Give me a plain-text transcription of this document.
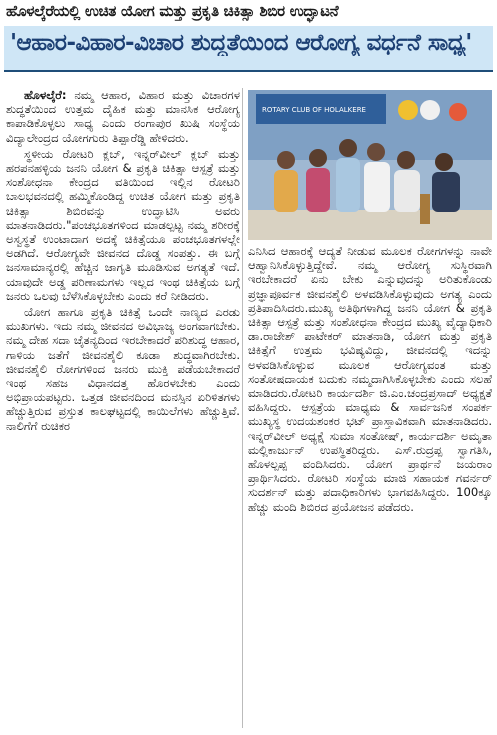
ಹೊಳಲ್ಕೆರೆಯಲ್ಲಿ ಉಚಿತ ಯೋಗ ಮತ್ತು ಪ್ರಕೃತಿ ಚಿಕಿತ್ಸಾ ಶಿಬಿರ ಉದ್ಘಾಟನೆ
'ಆಹಾರ-ವಿಹಾರ-ವಿಚಾರ ಶುದ್ಧತೆಯಿಂದ ಆರೋಗ್ಯ ವರ್ಧನೆ ಸಾಧ್ಯ'

ಹೊಳಲ್ಕೆರೆ: ನಮ್ಮ ಆಹಾರ, ವಿಹಾರ ಮತ್ತು ವಿಚಾರಗಳ ಶುದ್ಧತೆಯಿಂದ ಉತ್ತಮ ದೈಹಿಕ ಮತ್ತು ಮಾನಸಿಕ ಆರೋಗ್ಯ ಕಾಪಾಡಿಕೊಳ್ಳಲು ಸಾಧ್ಯ ಎಂದು ರಂಗಾಪುರ ಖುಷಿ ಸಂಸ್ಥೆಯ ವಿದ್ಯಾಲೇಂದ್ರದ ಯೋಗಗುರು ತಿಪ್ಪಾರೆಡ್ಡಿ ಹೇಳಿದರು.

ಸ್ಥಳೀಯ ರೋಟರಿ ಕ್ಲಬ್, ಇನ್ನರ್‌ವೀಲ್ ಕ್ಲಬ್ ಮತ್ತು ಹರಪನಹಳ್ಳಿಯ ಜನನಿ ಯೋಗ & ಪ್ರಕೃತಿ ಚಿಕಿತ್ಸಾ ಆಸ್ಪತ್ರೆ ಮತ್ತು ಸಂಶೋಧನಾ ಕೇಂದ್ರದ ವತಿಯಿಂದ ಇಲ್ಲಿನ ರೋಟರಿ ಬಾಲಭವನದಲ್ಲಿ ಹಮ್ಮಿಕೊಂಡಿದ್ದ ಉಚಿತ ಯೋಗ ಮತ್ತು ಪ್ರಕೃತಿ ಚಿಕಿತ್ಸಾ ಶಿಬಿರವನ್ನು ಉದ್ಘಾಟಿಸಿ ಅವರು ಮಾತನಾಡಿದರು."ಪಂಚಭೂತಗಳಿಂದ ಮಾಡಲ್ಪಟ್ಟ ನಮ್ಮ ಶರೀರಕ್ಕೆ ಅಸ್ವಸ್ಥತೆ ಉಂಟಾದಾಗ ಅದಕ್ಕೆ ಚಿಕಿತ್ಸೆಯೂ ಪಂಚಭೂತಗಳಲ್ಲೇ ಅಡಗಿದೆ. ಆರೋಗ್ಯವೇ ಜೀವನದ ದೊಡ್ಡ ಸಂಪತ್ತು. ಈ ಬಗ್ಗೆ ಜನಸಾಮಾನ್ಯರಲ್ಲಿ ಹೆಚ್ಚಿನ ಜಾಗೃತಿ ಮೂಡಿಸುವ ಅಗತ್ಯತೆ ಇದೆ. ಯಾವುದೇ ಅಡ್ಡ ಪರಿಣಾಮಗಳು ಇಲ್ಲದ ಇಂಥ ಚಿಕಿತ್ಸೆಯ ಬಗ್ಗೆ ಜನರು ಒಲವು ಬೆಳೆಸಿಕೊಳ್ಳಬೇಕು ಎಂದು ಕರೆ ನೀಡಿದರು.

ಯೋಗ ಹಾಗೂ ಪ್ರಕೃತಿ ಚಿಕಿತ್ಸೆ ಒಂದೇ ನಾಣ್ಯದ ಎರಡು ಮುಖಗಳು. ಇದು ನಮ್ಮ ಜೀವನದ ಅವಿಭಾಜ್ಯ ಅಂಗವಾಗಬೇಕು. ನಮ್ಮ ದೇಹ ಸದಾ ಚೈತನ್ಯದಿಂದ ಇರಬೇಕಾದರೆ ಪರಿಶುದ್ಧ ಆಹಾರ, ಗಾಳಿಯ ಜತೆಗೆ ಜೀವನಶೈಲಿ ಕೂಡಾ ಶುದ್ಧವಾಗಿರಬೇಕು. ಜೀವನಶೈಲಿ ರೋಗಗಳಿಂದ ಜನರು ಮುಕ್ತಿ ಪಡೆಯಬೇಕಾದರೆ ಇಂಥ ಸಹಜ ವಿಧಾನದತ್ತ ಹೊರಳಬೇಕು ಎಂದು ಅಭಿಪ್ರಾಯಪಟ್ಟರು. ಒತ್ತಡ ಜೀವನದಿಂದ ಮನಸ್ಸಿನ ಏರಿಳಿತಗಳು ಹೆಚ್ಚುತ್ತಿರುವ ಪ್ರಸ್ತುತ ಕಾಲಘಟ್ಟದಲ್ಲಿ ಕಾಯಿಲೆಗಳು ಹೆಚ್ಚುತ್ತಿವೆ. ನಾಲಿಗೆಗೆ ರುಚಿಕರ

ROTARY CLUB OF HOLALKERE

ಎನಿಸಿದ ಆಹಾರಕ್ಕೆ ಆದ್ಯತೆ ನೀಡುವ ಮೂಲಕ ರೋಗಗಳನ್ನು ನಾವೇ ಆಹ್ವಾನಿಸಿಕೊಳ್ಳುತ್ತಿದ್ದೇವೆ. ನಮ್ಮ ಆರೋಗ್ಯ ಸುಸ್ಥಿರವಾಗಿ ಇರಬೇಕಾದರೆ ಏನು ಬೇಕು ಎನ್ನುವುದನ್ನು ಅರಿತುಕೊಂಡು ಪ್ರಜ್ಞಾಪೂರ್ವಕ ಜೀವನಶೈಲಿ ಅಳವಡಿಸಿಕೊಳ್ಳುವುದು ಅಗತ್ಯ ಎಂದು ಪ್ರತಿಪಾದಿಸಿದರು.ಮುಖ್ಯ ಅತಿಥಿಗಳಾಗಿದ್ದ ಜನನಿ ಯೋಗ & ಪ್ರಕೃತಿ ಚಿಕಿತ್ಸಾ ಆಸ್ಪತ್ರೆ ಮತ್ತು ಸಂಶೋಧನಾ ಕೇಂದ್ರದ ಮುಖ್ಯ ವೈದ್ಯಾಧಿಕಾರಿ ಡಾ.ರಾಜೇಶ್ ಪಾಟೇಕರ್ ಮಾತನಾಡಿ, ಯೋಗ ಮತ್ತು ಪ್ರಕೃತಿ ಚಿಕಿತ್ಸೆಗೆ ಉತ್ತಮ ಭವಿಷ್ಯವಿದ್ದು, ಜೀವನದಲ್ಲಿ ಇದನ್ನು ಅಳವಡಿಸಿಕೊಳ್ಳುವ ಮೂಲಕ ಆರೋಗ್ಯವಂತ ಮತ್ತು ಸಂತೋಷದಾಯಕ ಬದುಕು ನಮ್ಮದಾಗಿಸಿಕೊಳ್ಳಬೇಕು ಎಂದು ಸಲಹೆ ಮಾಡಿದರು.ರೋಟರಿ ಕಾರ್ಯದರ್ಶಿ ಜಿ.ಎಂ.ಚಂದ್ರಪ್ರಸಾದ್ ಅಧ್ಯಕ್ಷತೆ ವಹಿಸಿದ್ದರು. ಆಸ್ಪತ್ರೆಯ ಮಾಧ್ಯಮ & ಸಾರ್ವಜನಿಕ ಸಂಪರ್ಕ ಮುಖ್ಯಸ್ಥ ಉದಯಶಂಕರ ಭಟ್ ಪ್ರಾಸ್ತಾವಿಕವಾಗಿ ಮಾತನಾಡಿದರು. ಇನ್ನರ್‌ವೀಲ್ ಅಧ್ಯಕ್ಷೆ ಸುಮಾ ಸಂತೋಷ್, ಕಾರ್ಯದರ್ಶಿ ಅಮೃತಾ ಮಲ್ಲಿಕಾರ್ಜುನ್ ಉಪಸ್ಥಿತರಿದ್ದರು. ಎಸ್.ರುದ್ರಪ್ಪ ಸ್ವಾಗತಿಸಿ, ಹೊಳಲ್ಪಪ್ಪ ವಂದಿಸಿದರು. ಯೋಗ ಪ್ರಾರ್ಥನೆ ಜಯರಾಂ ಪ್ರಾರ್ಥಿಸಿದರು. ರೋಟರಿ ಸಂಸ್ಥೆಯ ಮಾಜಿ ಸಹಾಯಕ ಗವರ್ನರ್ ಸುದರ್ಶನ್ ಮತ್ತು ಪದಾಧಿಕಾರಿಗಳು ಭಾಗವಹಿಸಿದ್ದರು. 100ಕ್ಕೂ ಹೆಚ್ಚು ಮಂದಿ ಶಿಬಿರದ ಪ್ರಯೋಜನ ಪಡೆದರು.
